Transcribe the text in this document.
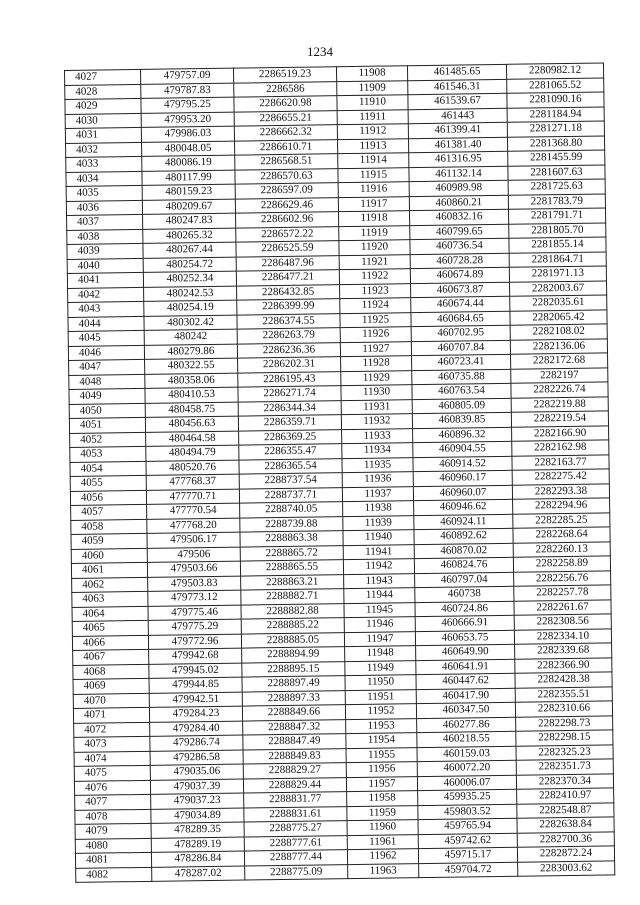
1234
4027	479757.09	2286519.23	11908	461485.65	2280982.12
4028	479787.83	2286586	11909	461546.31	2281065.52
4029	479795.25	2286620.98	11910	461539.67	2281090.16
4030	479953.20	2286655.21	11911	461443	2281184.94
4031	479986.03	2286662.32	11912	461399.41	2281271.18
4032	480048.05	2286610.71	11913	461381.40	2281368.80
4033	480086.19	2286568.51	11914	461316.95	2281455.99
4034	480117.99	2286570.63	11915	461132.14	2281607.63
4035	480159.23	2286597.09	11916	460989.98	2281725.63
4036	480209.67	2286629.46	11917	460860.21	2281783.79
4037	480247.83	2286602.96	11918	460832.16	2281791.71
4038	480265.32	2286572.22	11919	460799.65	2281805.70
4039	480267.44	2286525.59	11920	460736.54	2281855.14
4040	480254.72	2286487.96	11921	460728.28	2281864.71
4041	480252.34	2286477.21	11922	460674.89	2281971.13
4042	480242.53	2286432.85	11923	460673.87	2282003.67
4043	480254.19	2286399.99	11924	460674.44	2282035.61
4044	480302.42	2286374.55	11925	460684.65	2282065.42
4045	480242	2286263.79	11926	460702.95	2282108.02
4046	480279.86	2286236.36	11927	460707.84	2282136.06
4047	480322.55	2286202.31	11928	460723.41	2282172.68
4048	480358.06	2286195.43	11929	460735.88	2282197
4049	480410.53	2286271.74	11930	460763.54	2282226.74
4050	480458.75	2286344.34	11931	460805.09	2282219.88
4051	480456.63	2286359.71	11932	460839.85	2282219.54
4052	480464.58	2286369.25	11933	460896.32	2282166.90
4053	480494.79	2286355.47	11934	460904.55	2282162.98
4054	480520.76	2286365.54	11935	460914.52	2282163.77
4055	477768.37	2288737.54	11936	460960.17	2282275.42
4056	477770.71	2288737.71	11937	460960.07	2282293.38
4057	477770.54	2288740.05	11938	460946.62	2282294.96
4058	477768.20	2288739.88	11939	460924.11	2282285.25
4059	479506.17	2288863.38	11940	460892.62	2282268.64
4060	479506	2288865.72	11941	460870.02	2282260.13
4061	479503.66	2288865.55	11942	460824.76	2282258.89
4062	479503.83	2288863.21	11943	460797.04	2282256.76
4063	479773.12	2288882.71	11944	460738	2282257.78
4064	479775.46	2288882.88	11945	460724.86	2282261.67
4065	479775.29	2288885.22	11946	460666.91	2282308.56
4066	479772.96	2288885.05	11947	460653.75	2282334.10
4067	479942.68	2288894.99	11948	460649.90	2282339.68
4068	479945.02	2288895.15	11949	460641.91	2282366.90
4069	479944.85	2288897.49	11950	460447.62	2282428.38
4070	479942.51	2288897.33	11951	460417.90	2282355.51
4071	479284.23	2288849.66	11952	460347.50	2282310.66
4072	479284.40	2288847.32	11953	460277.86	2282298.73
4073	479286.74	2288847.49	11954	460218.55	2282298.15
4074	479286.58	2288849.83	11955	460159.03	2282325.23
4075	479035.06	2288829.27	11956	460072.20	2282351.73
4076	479037.39	2288829.44	11957	460006.07	2282370.34
4077	479037.23	2288831.77	11958	459935.25	2282410.97
4078	479034.89	2288831.61	11959	459803.52	2282548.87
4079	478289.35	2288775.27	11960	459765.94	2282638.84
4080	478289.19	2288777.61	11961	459742.62	2282700.36
4081	478286.84	2288777.44	11962	459715.17	2282872.24
4082	478287.02	2288775.09	11963	459704.72	2283003.62
